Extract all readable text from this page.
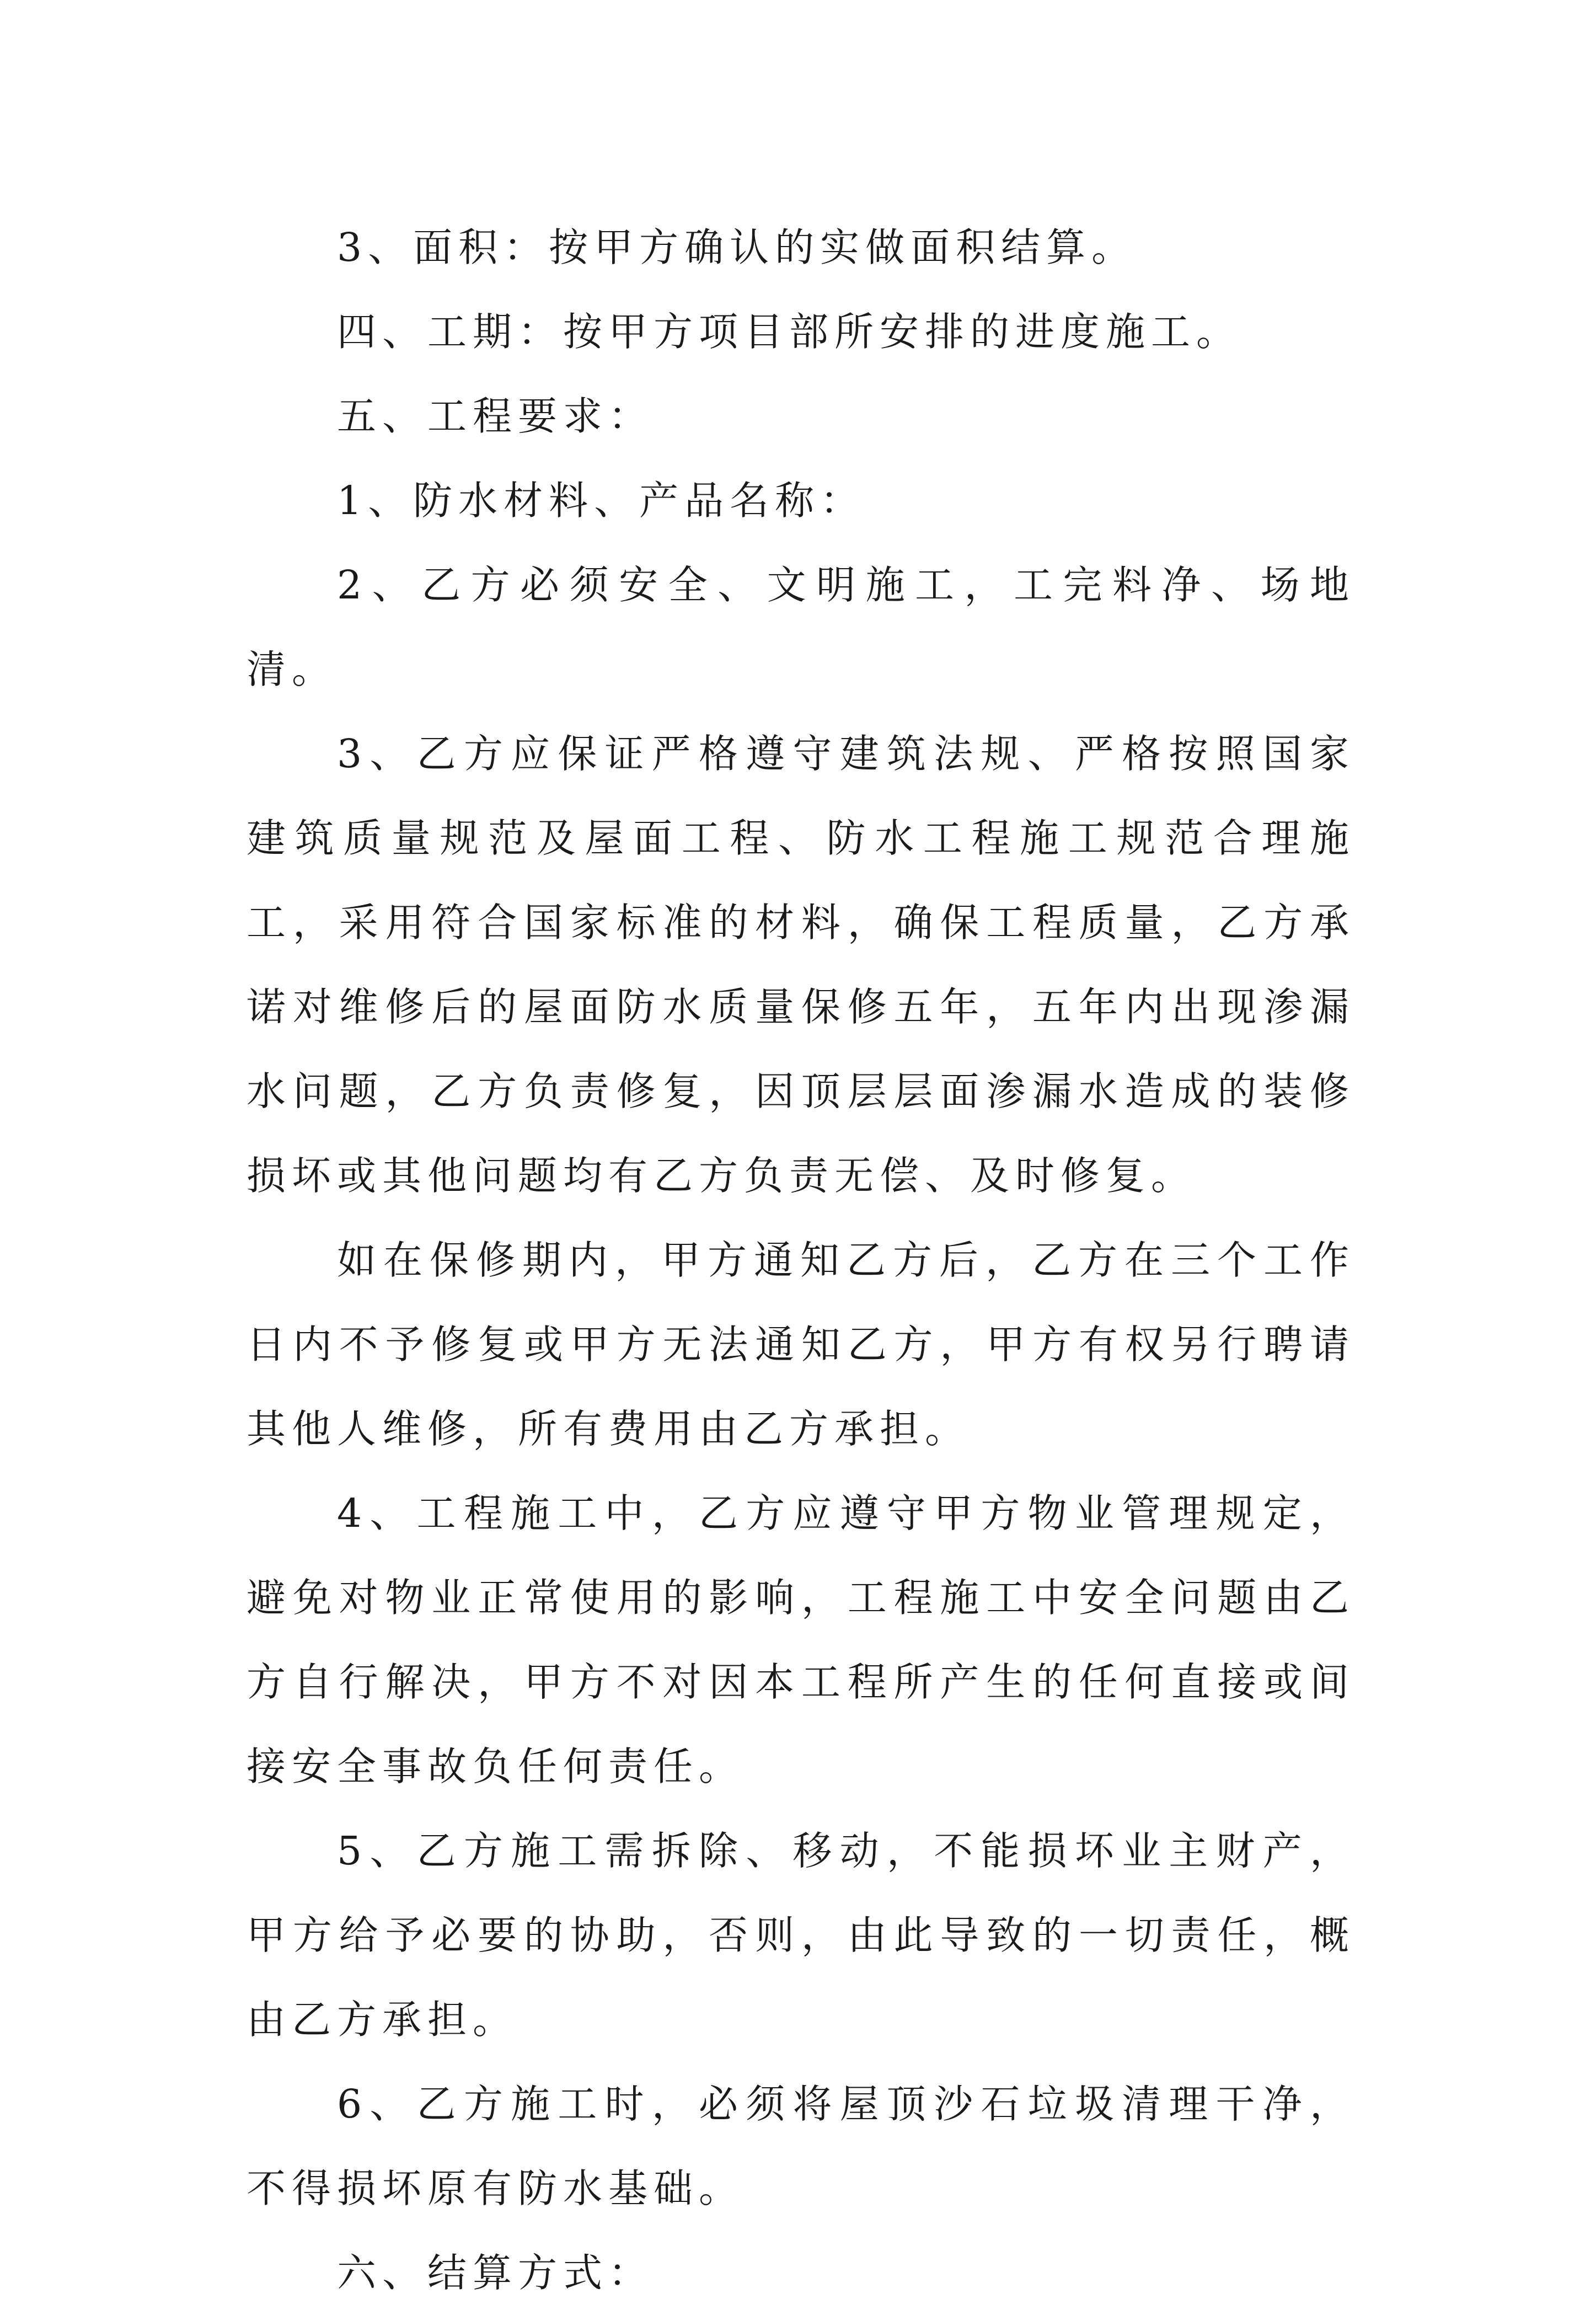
3、面积：按甲方确认的实做面积结算。

四、工期：按甲方项目部所安排的进度施工。

五、工程要求：

1、防水材料、产品名称：

2、乙方必须安全、文明施工，工完料净、场地清。

3、乙方应保证严格遵守建筑法规、严格按照国家建筑质量规范及屋面工程、防水工程施工规范合理施工，采用符合国家标准的材料，确保工程质量，乙方承诺对维修后的屋面防水质量保修五年，五年内出现渗漏水问题，乙方负责修复，因顶层层面渗漏水造成的装修损坏或其他问题均有乙方负责无偿、及时修复。

如在保修期内，甲方通知乙方后，乙方在三个工作日内不予修复或甲方无法通知乙方，甲方有权另行聘请其他人维修，所有费用由乙方承担。

4、工程施工中，乙方应遵守甲方物业管理规定，避免对物业正常使用的影响，工程施工中安全问题由乙方自行解决，甲方不对因本工程所产生的任何直接或间接安全事故负任何责任。

5、乙方施工需拆除、移动，不能损坏业主财产，甲方给予必要的协助，否则，由此导致的一切责任，概由乙方承担。

6、乙方施工时，必须将屋顶沙石垃圾清理干净，不得损坏原有防水基础。

六、结算方式：
